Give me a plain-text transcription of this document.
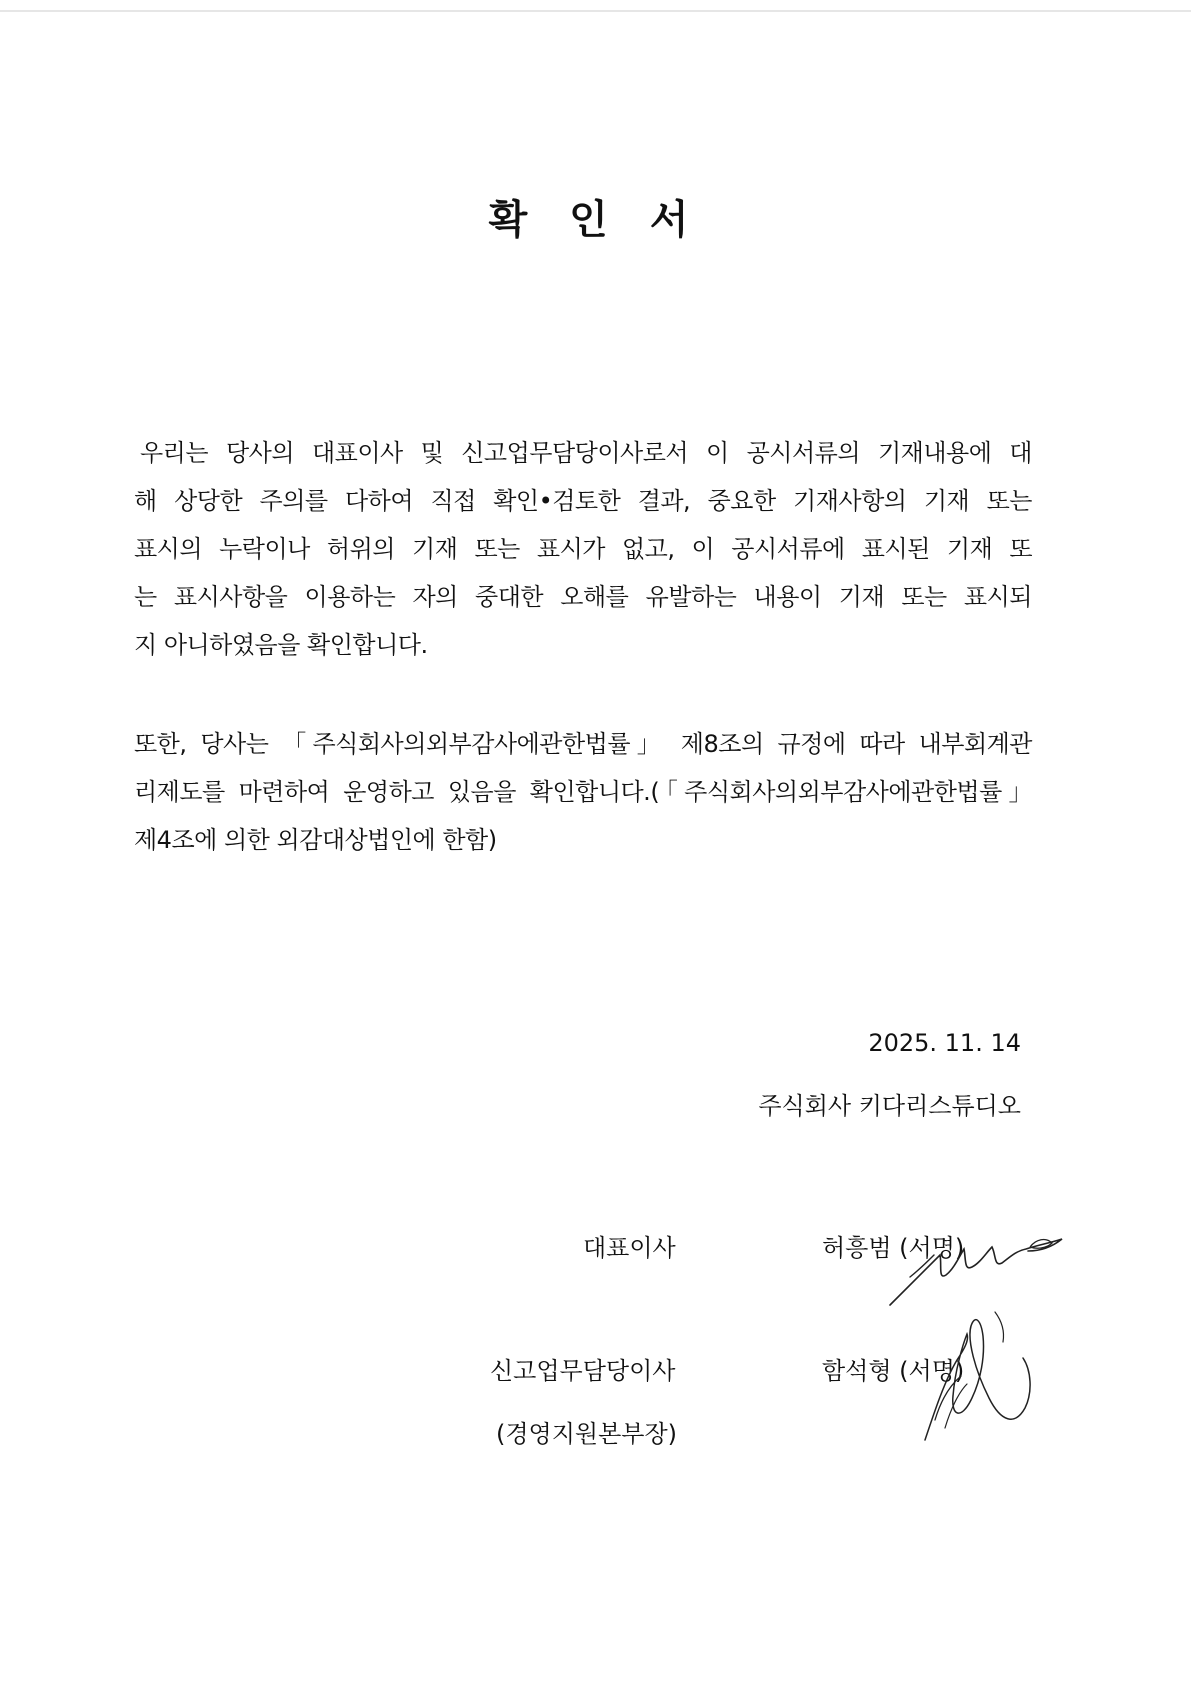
확 인 서
우리는 당사의 대표이사 및 신고업무담당이사로서 이 공시서류의 기재내용에 대
해 상당한 주의를 다하여 직접 확인•검토한 결과, 중요한 기재사항의 기재 또는
표시의 누락이나 허위의 기재 또는 표시가 없고, 이 공시서류에 표시된 기재 또
는 표시사항을 이용하는 자의 중대한 오해를 유발하는 내용이 기재 또는 표시되
지 아니하였음을 확인합니다.
또한, 당사는 「주식회사의외부감사에관한법률」 제8조의 규정에 따라 내부회계관
리제도를 마련하여 운영하고 있음을 확인합니다.(「주식회사의외부감사에관한법률」
제4조에 의한 외감대상법인에 한함)
2025. 11. 14
주식회사 키다리스튜디오
대표이사	허흥범 (서명)
신고업무담당이사
(경영지원본부장)
함석형 (서명)
